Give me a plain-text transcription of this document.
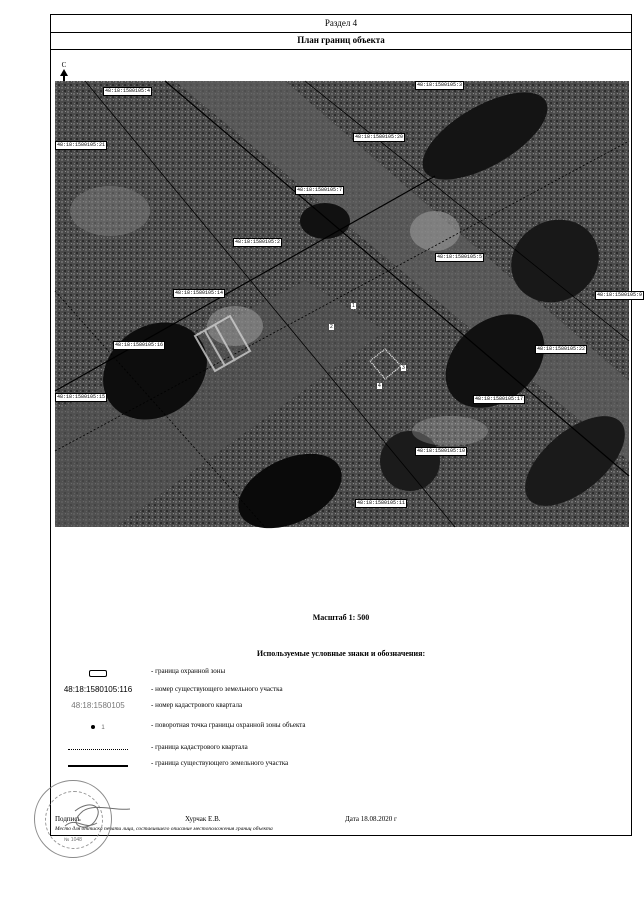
Раздел 4
План границ объекта
С
48:18:1580105:4
48:18:1580105:3
48:18:1580105:21
48:18:1580105:20
48:18:1580105:7
48:18:1580105:2
48:18:1580105:5
48:18:1580105:9
48:18:1580105:14
48:18:1580105:16
48:18:1580105:22
48:18:1580105:15	48:18:1580105:17
48:18:1580105:10
48:18:1580105:11
1
2
3
4
Масштаб 1: 500
Используемые условные знаки и обозначения:
- граница охранной зоны
48:18:1580105:116	- номер существующего земельного участка
48:18:1580105	- номер кадастрового квартала
1	- поворотная точка границы охранной зоны объекта
- граница кадастрового квартала
- граница существующего земельного участка
Подпись	Хурчак Е.В.	Дата 18.08.2020 г
Место для оттиска печати лица, составившего описание местоположения границ объекта
№ 1048
